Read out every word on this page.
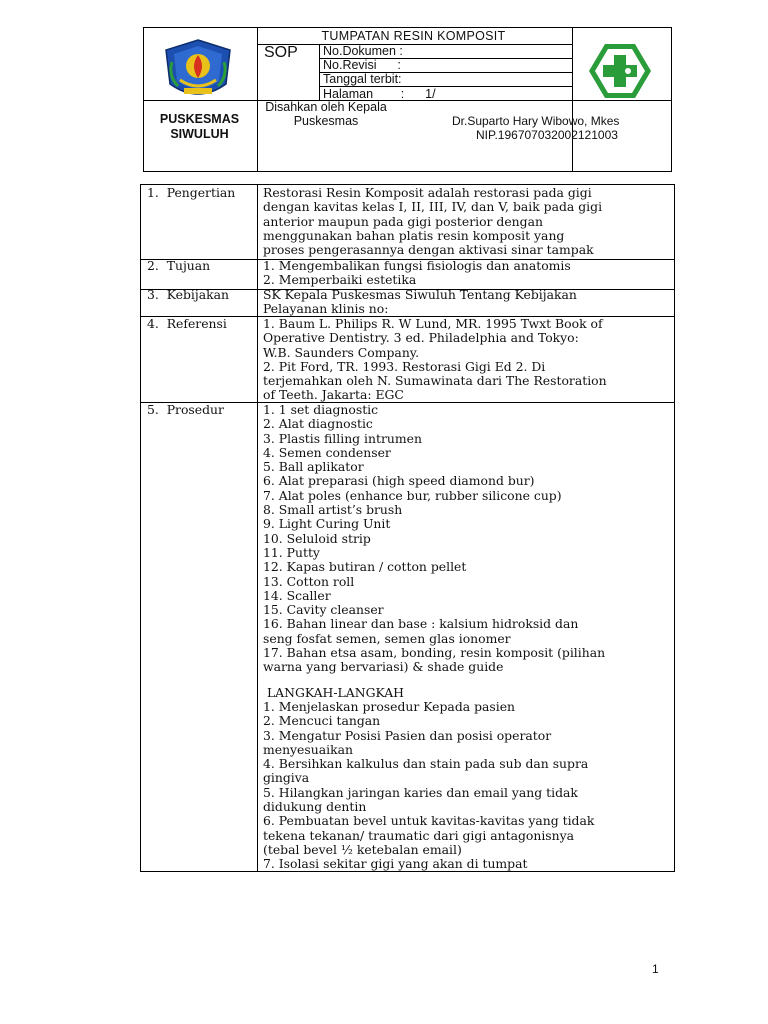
PUSKESMAS
SIWULUH
TUMPATAN RESIN KOMPOSIT
SOP No.Dokumen :
No.Revisi      :
Tanggal terbit:
Halaman        :      1/
Disahkan oleh Kepala
Puskesmas	Dr.Suparto Hary Wibowo, Mkes
NIP.196707032002121003
1.  Pengertian
2.  Tujuan
3.  Kebijakan
4.  Referensi
5.  Prosedur
Restorasi Resin Komposit adalah restorasi pada gigi
dengan kavitas kelas I, II, III, IV, dan V, baik pada gigi
anterior maupun pada gigi posterior dengan
menggunakan bahan platis resin komposit yang
proses pengerasannya dengan aktivasi sinar tampak
1. Mengembalikan fungsi fisiologis dan anatomis
2. Memperbaiki estetika
SK Kepala Puskesmas Siwuluh Tentang Kebijakan
Pelayanan klinis no:
1. Baum L. Philips R. W Lund, MR. 1995 Twxt Book of
Operative Dentistry. 3 ed. Philadelphia and Tokyo:
W.B. Saunders Company.
2. Pit Ford, TR. 1993. Restorasi Gigi Ed 2. Di
terjemahkan oleh N. Sumawinata dari The Restoration
of Teeth. Jakarta: EGC
1. 1 set diagnostic
2. Alat diagnostic
3. Plastis filling intrumen
4. Semen condenser
5. Ball aplikator
6. Alat preparasi (high speed diamond bur)
7. Alat poles (enhance bur, rubber silicone cup)
8. Small artist’s brush
9. Light Curing Unit
10. Seluloid strip
11. Putty
12. Kapas butiran / cotton pellet
13. Cotton roll
14. Scaller
15. Cavity cleanser
16. Bahan linear dan base : kalsium hidroksid dan
seng fosfat semen, semen glas ionomer
17. Bahan etsa asam, bonding, resin komposit (pilihan
warna yang bervariasi) & shade guide
LANGKAH-LANGKAH
1. Menjelaskan prosedur Kepada pasien
2. Mencuci tangan
3. Mengatur Posisi Pasien dan posisi operator
menyesuaikan
4. Bersihkan kalkulus dan stain pada sub dan supra
gingiva
5. Hilangkan jaringan karies dan email yang tidak
didukung dentin
6. Pembuatan bevel untuk kavitas-kavitas yang tidak
tekena tekanan/ traumatic dari gigi antagonisnya
(tebal bevel ½ ketebalan email)
7. Isolasi sekitar gigi yang akan di tumpat
1
